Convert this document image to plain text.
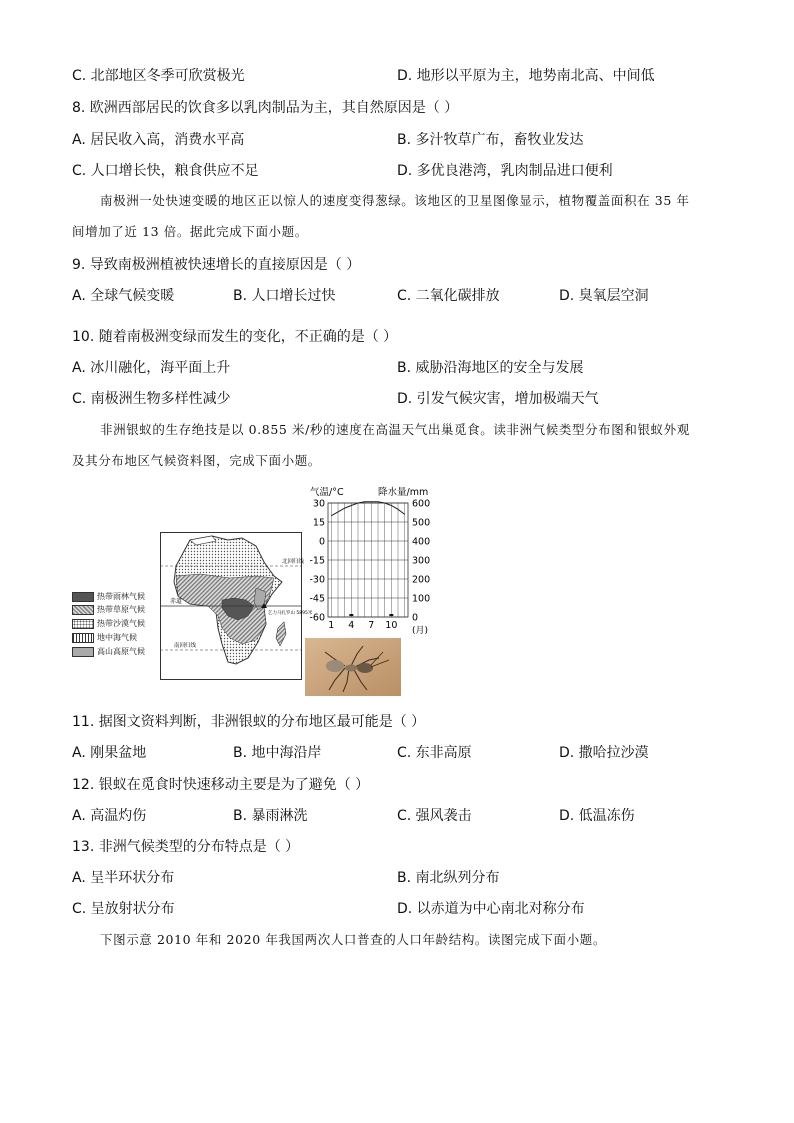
C. 北部地区冬季可欣赏极光	D. 地形以平原为主，地势南北高、中间低
8. 欧洲西部居民的饮食多以乳肉制品为主，其自然原因是（ ）
A. 居民收入高，消费水平高	B. 多汁牧草广布，畜牧业发达
C. 人口增长快，粮食供应不足	D. 多优良港湾，乳肉制品进口便利
南极洲一处快速变暖的地区正以惊人的速度变得葱绿。该地区的卫星图像显示，植物覆盖面积在 35 年
间增加了近 13 倍。据此完成下面小题。
9. 导致南极洲植被快速增长的直接原因是（ ）
A. 全球气候变暖	B. 人口增长过快	C. 二氧化碳排放	D. 臭氧层空洞
10. 随着南极洲变绿而发生的变化，不正确的是（ ）
A. 冰川融化，海平面上升	B. 威胁沿海地区的安全与发展
C. 南极洲生物多样性减少	D. 引发气候灾害，增加极端天气
非洲银蚁的生存绝技是以 0.855 米/秒的速度在高温天气出巢觅食。读非洲气候类型分布图和银蚁外观
及其分布地区气候资料图，完成下面小题。
热带雨林气候
热带草原气候
热带沙漠气候
地中海气候
高山高原气候
北回归线
赤道
南回归线
乞力马扎罗山 5895米
气温/°C	降水量/mm
30
15
0
-15
-30
-45
-60
600
500
400
300
200
100
0
1 4 7 10 (月)
11. 据图文资料判断，非洲银蚁的分布地区最可能是（ ）
A. 刚果盆地	B. 地中海沿岸	C. 东非高原	D. 撒哈拉沙漠
12. 银蚁在觅食时快速移动主要是为了避免（ ）
A. 高温灼伤	B. 暴雨淋洗	C. 强风袭击	D. 低温冻伤
13. 非洲气候类型的分布特点是（ ）
A. 呈半环状分布	B. 南北纵列分布
C. 呈放射状分布	D. 以赤道为中心南北对称分布
下图示意 2010 年和 2020 年我国两次人口普查的人口年龄结构。读图完成下面小题。
